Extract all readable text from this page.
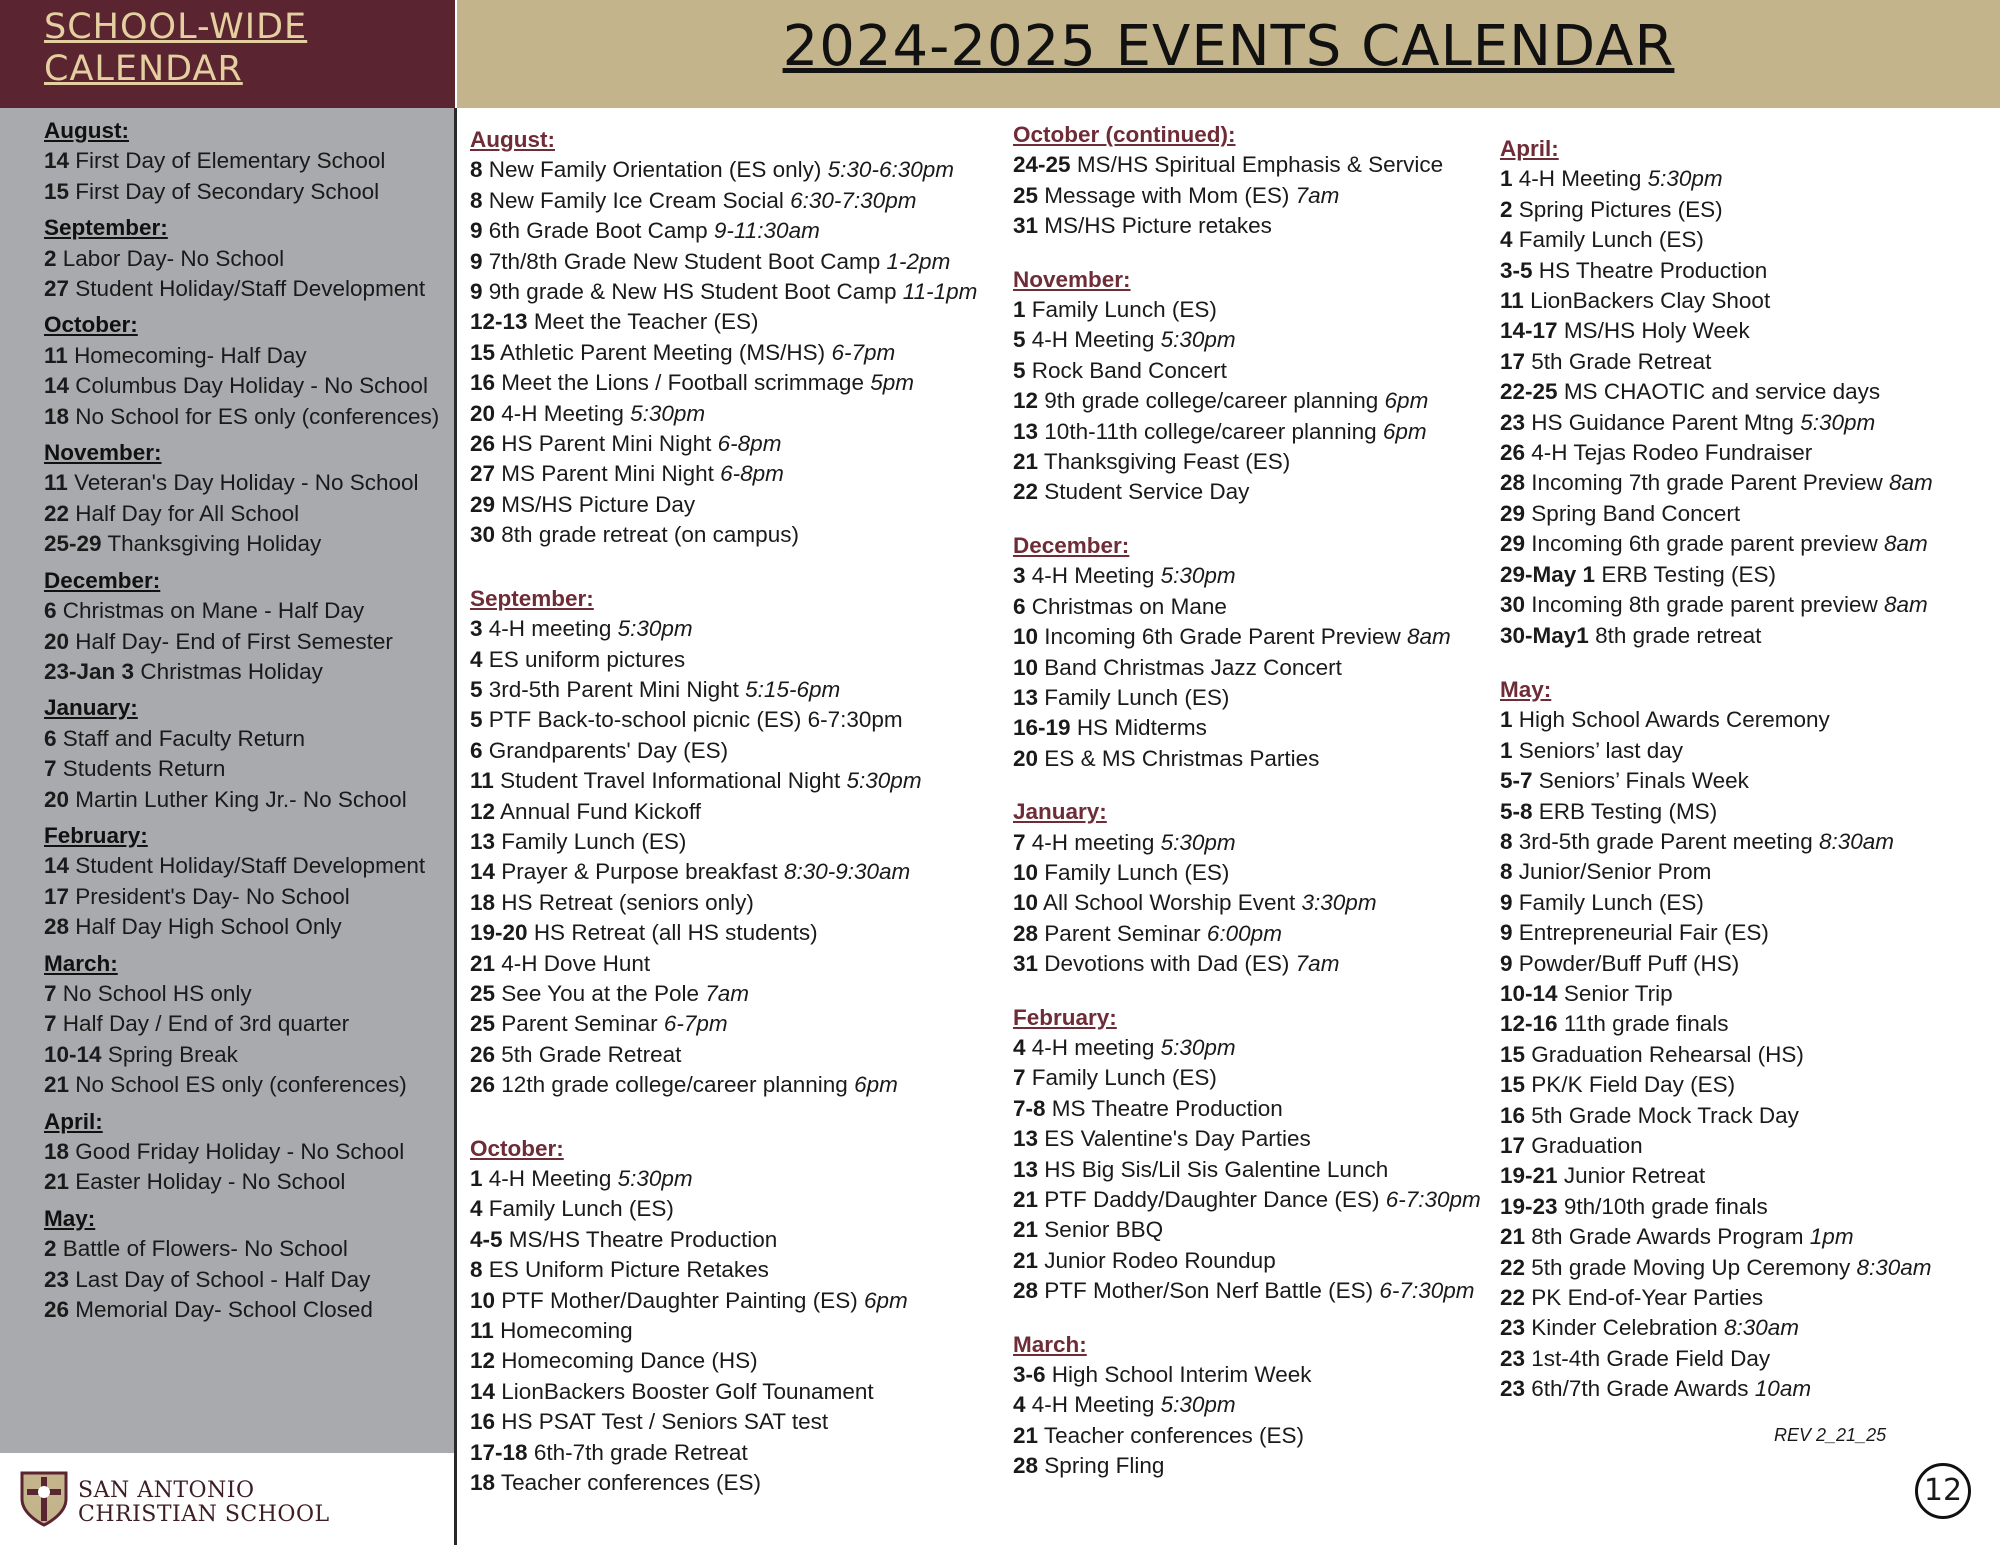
SCHOOL-WIDE
CALENDAR	2024-2025 EVENTS CALENDAR
August:
14 First Day of Elementary School
15 First Day of Secondary School
September:
2 Labor Day- No School
27 Student Holiday/Staff Development
October:
11 Homecoming- Half Day
14 Columbus Day Holiday - No School
18 No School for ES only (conferences)
November:
11 Veteran's Day Holiday - No School
22 Half Day for All School
25-29 Thanksgiving Holiday
December:
6 Christmas on Mane - Half Day
20 Half Day- End of First Semester
23-Jan 3 Christmas Holiday
January:
6 Staff and Faculty Return
7 Students Return
20 Martin Luther King Jr.- No School
February:
14 Student Holiday/Staff Development
17 President's Day- No School
28 Half Day High School Only
March:
7 No School HS only
7 Half Day / End of 3rd quarter
10-14 Spring Break
21 No School ES only (conferences)
April:
18 Good Friday Holiday - No School
21 Easter Holiday - No School
May:
2 Battle of Flowers- No School
23 Last Day of School - Half Day
26 Memorial Day- School Closed
August:
8 New Family Orientation (ES only) 5:30-6:30pm
8 New Family Ice Cream Social 6:30-7:30pm
9 6th Grade Boot Camp 9-11:30am
9 7th/8th Grade New Student Boot Camp 1-2pm
9 9th grade & New HS Student Boot Camp 11-1pm
12-13 Meet the Teacher (ES)
15 Athletic Parent Meeting (MS/HS) 6-7pm
16 Meet the Lions / Football scrimmage 5pm
20 4-H Meeting 5:30pm
26 HS Parent Mini Night 6-8pm
27 MS Parent Mini Night 6-8pm
29 MS/HS Picture Day
30 8th grade retreat (on campus)
September:
3 4-H meeting 5:30pm
4 ES uniform pictures
5 3rd-5th Parent Mini Night 5:15-6pm
5 PTF Back-to-school picnic (ES) 6-7:30pm
6 Grandparents' Day (ES)
11 Student Travel Informational Night 5:30pm
12 Annual Fund Kickoff
13 Family Lunch (ES)
14 Prayer & Purpose breakfast 8:30-9:30am
18 HS Retreat (seniors only)
19-20 HS Retreat (all HS students)
21 4-H Dove Hunt
25 See You at the Pole 7am
25 Parent Seminar 6-7pm
26 5th Grade Retreat
26 12th grade college/career planning 6pm
October:
1 4-H Meeting 5:30pm
4 Family Lunch (ES)
4-5 MS/HS Theatre Production
8 ES Uniform Picture Retakes
10 PTF Mother/Daughter Painting (ES) 6pm
11 Homecoming
12 Homecoming Dance (HS)
14 LionBackers Booster Golf Tounament
16 HS PSAT Test / Seniors SAT test
17-18 6th-7th grade Retreat
18 Teacher conferences (ES)
October (continued):
24-25 MS/HS Spiritual Emphasis & Service
25 Message with Mom (ES) 7am
31 MS/HS Picture retakes
November:
1 Family Lunch (ES)
5 4-H Meeting 5:30pm
5 Rock Band Concert
12 9th grade college/career planning 6pm
13 10th-11th college/career planning 6pm
21 Thanksgiving Feast (ES)
22 Student Service Day
December:
3 4-H Meeting 5:30pm
6 Christmas on Mane
10 Incoming 6th Grade Parent Preview 8am
10 Band Christmas Jazz Concert
13 Family Lunch (ES)
16-19 HS Midterms
20 ES & MS Christmas Parties
January:
7 4-H meeting 5:30pm
10 Family Lunch (ES)
10 All School Worship Event 3:30pm
28 Parent Seminar 6:00pm
31 Devotions with Dad (ES) 7am
February:
4 4-H meeting 5:30pm
7 Family Lunch (ES)
7-8 MS Theatre Production
13 ES Valentine's Day Parties
13 HS Big Sis/Lil Sis Galentine Lunch
21 PTF Daddy/Daughter Dance (ES) 6-7:30pm
21 Senior BBQ
21 Junior Rodeo Roundup
28 PTF Mother/Son Nerf Battle (ES) 6-7:30pm
March:
3-6 High School Interim Week
4 4-H Meeting 5:30pm
21 Teacher conferences (ES)
28 Spring Fling
April:
1 4-H Meeting 5:30pm
2 Spring Pictures (ES)
4 Family Lunch (ES)
3-5 HS Theatre Production
11 LionBackers Clay Shoot
14-17 MS/HS Holy Week
17 5th Grade Retreat
22-25 MS CHAOTIC and service days
23 HS Guidance Parent Mtng 5:30pm
26 4-H Tejas Rodeo Fundraiser
28 Incoming 7th grade Parent Preview 8am
29 Spring Band Concert
29 Incoming 6th grade parent preview 8am
29-May 1 ERB Testing (ES)
30 Incoming 8th grade parent preview 8am
30-May1 8th grade retreat
May:
1 High School Awards Ceremony
1 Seniors’ last day
5-7 Seniors’ Finals Week
5-8 ERB Testing (MS)
8 3rd-5th grade Parent meeting 8:30am
8 Junior/Senior Prom
9 Family Lunch (ES)
9 Entrepreneurial Fair (ES)
9 Powder/Buff Puff (HS)
10-14 Senior Trip
12-16 11th grade finals
15 Graduation Rehearsal (HS)
15 PK/K Field Day (ES)
16 5th Grade Mock Track Day
17 Graduation
19-21 Junior Retreat
19-23 9th/10th grade finals
21 8th Grade Awards Program 1pm
22 5th grade Moving Up Ceremony 8:30am
22 PK End-of-Year Parties
23 Kinder Celebration 8:30am
23 1st-4th Grade Field Day
23 6th/7th Grade Awards 10am
SAN ANTONIO
CHRISTIAN SCHOOL
REV 2_21_25
12
